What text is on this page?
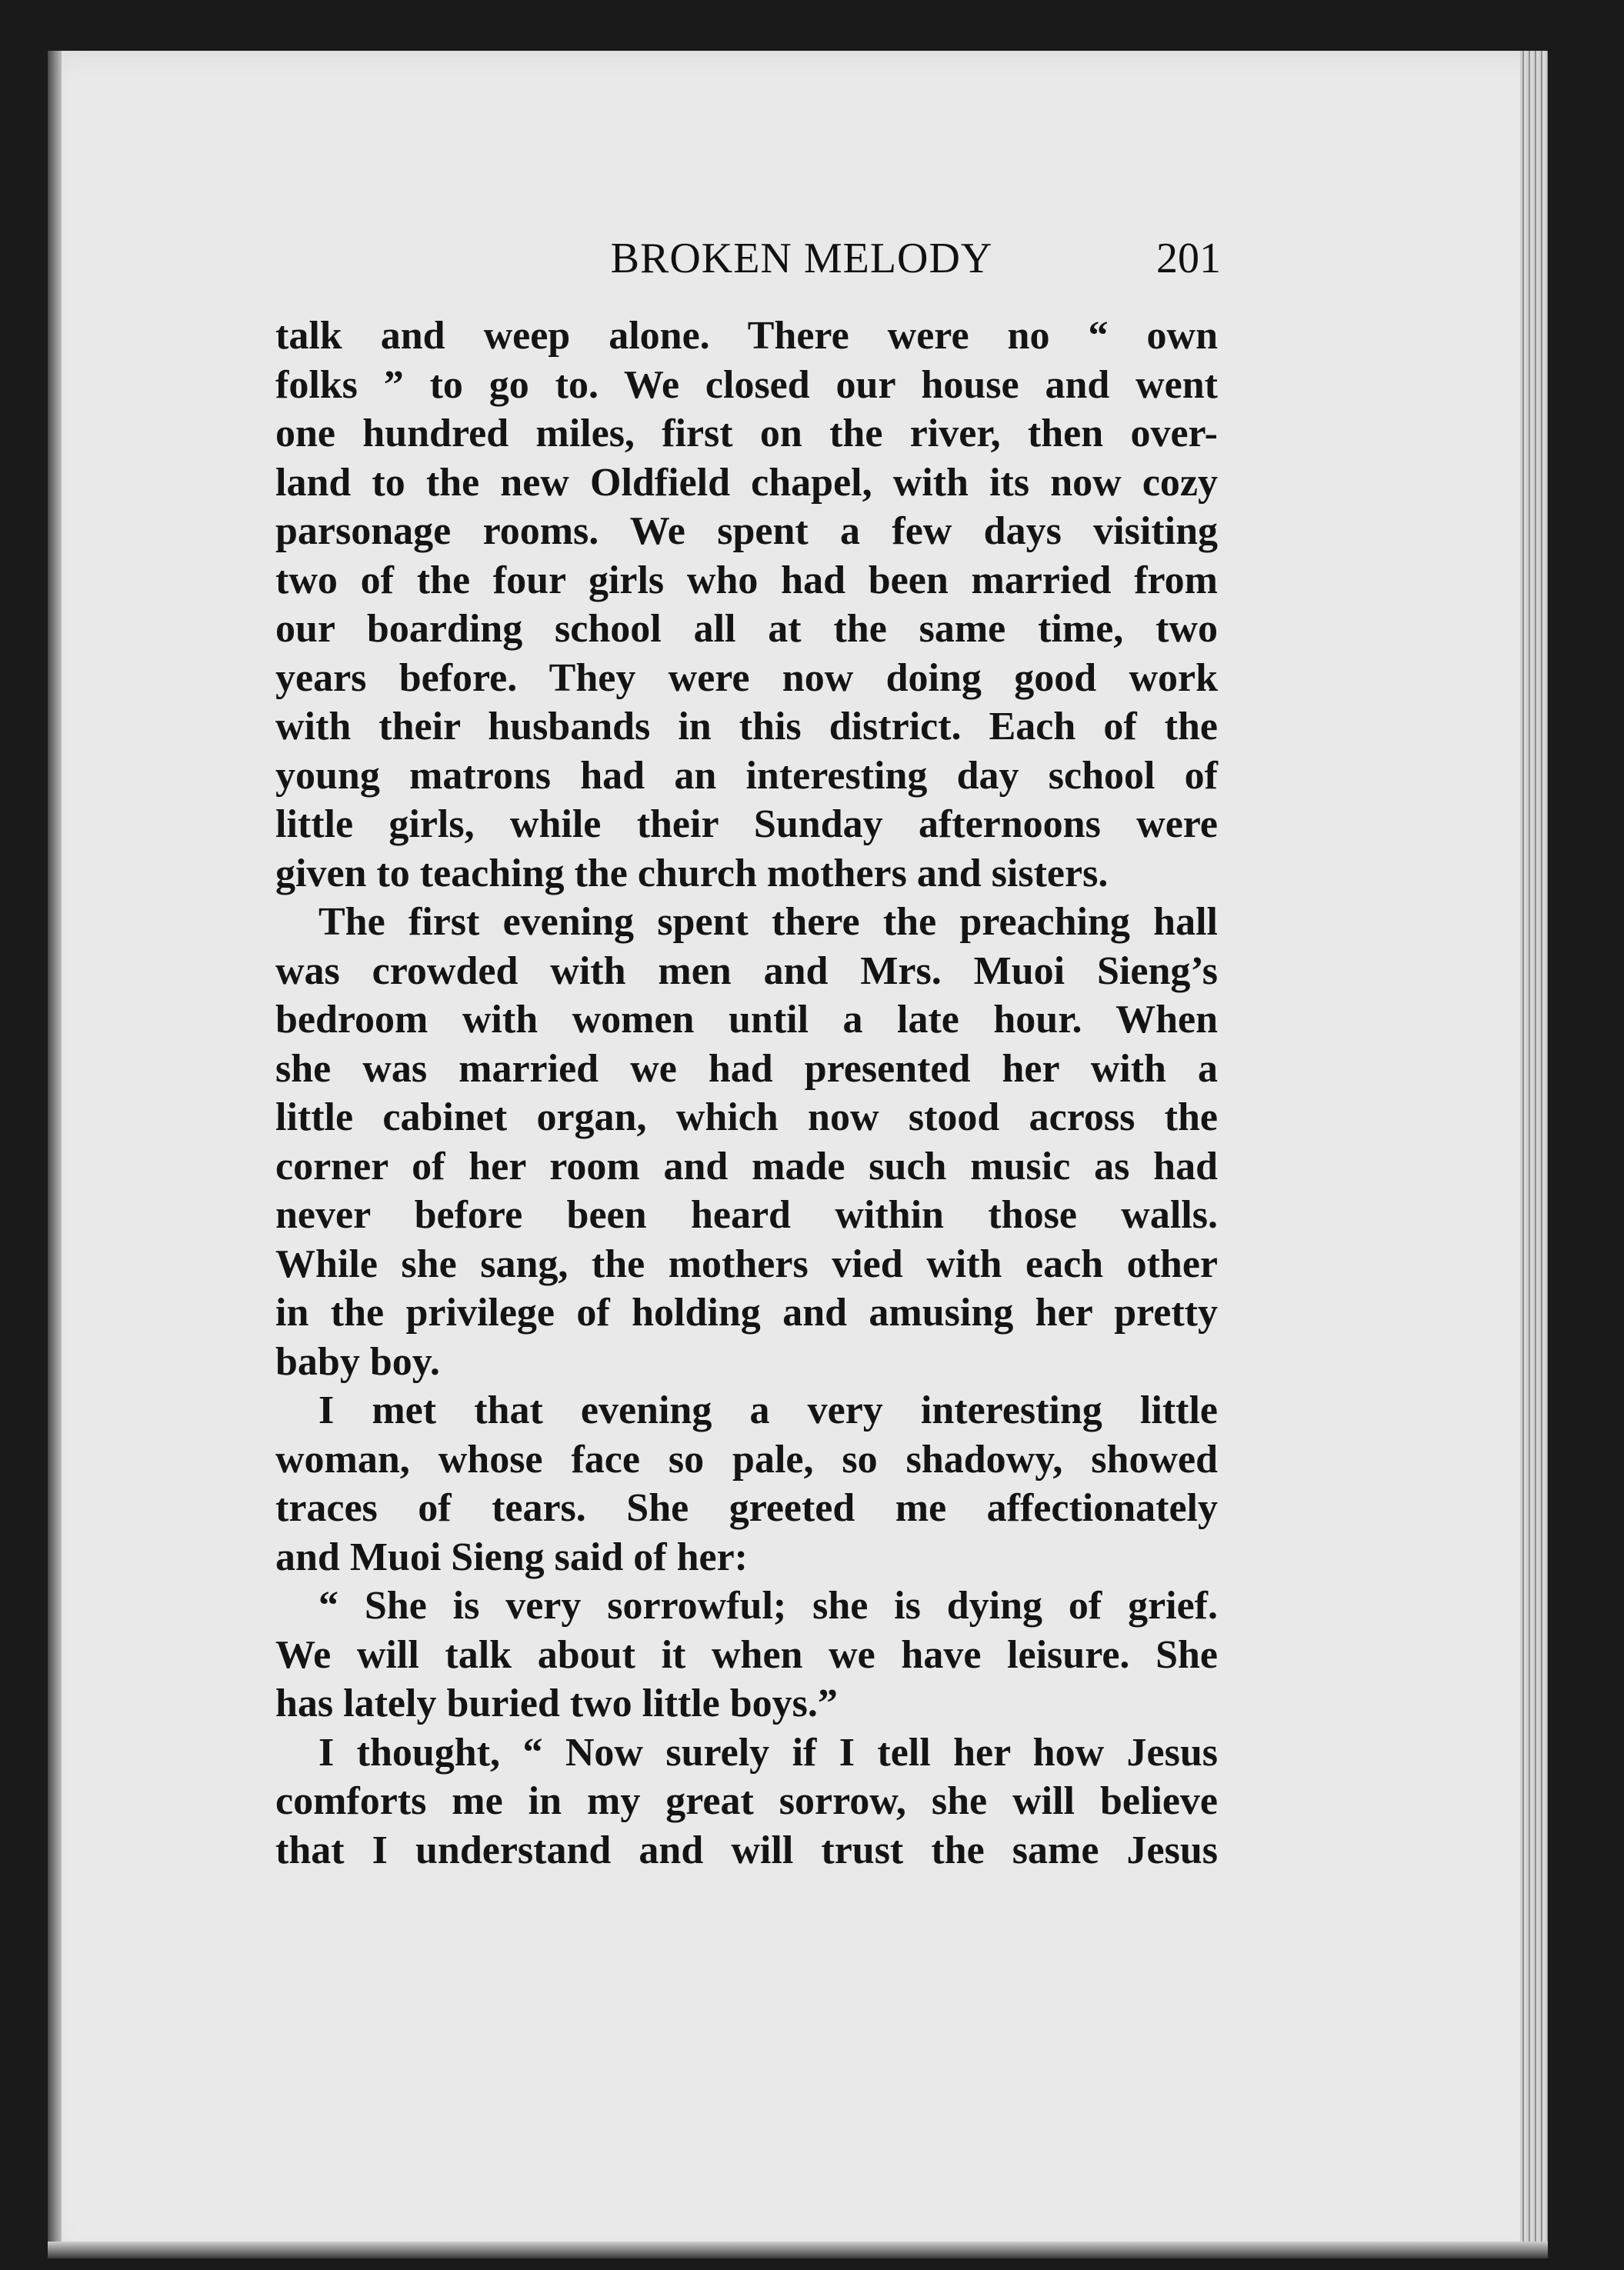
BROKEN MELODY	201
talk and weep alone. There were no “ own
folks ” to go to. We closed our house and went
one hundred miles, first on the river, then over-
land to the new Oldfield chapel, with its now cozy
parsonage rooms. We spent a few days visiting
two of the four girls who had been married from
our boarding school all at the same time, two
years before. They were now doing good work
with their husbands in this district. Each of the
young matrons had an interesting day school of
little girls, while their Sunday afternoons were
given to teaching the church mothers and sisters.
The first evening spent there the preaching hall
was crowded with men and Mrs. Muoi Sieng’s
bedroom with women until a late hour. When
she was married we had presented her with a
little cabinet organ, which now stood across the
corner of her room and made such music as had
never before been heard within those walls.
While she sang, the mothers vied with each other
in the privilege of holding and amusing her pretty
baby boy.
I met that evening a very interesting little
woman, whose face so pale, so shadowy, showed
traces of tears. She greeted me affectionately
and Muoi Sieng said of her:
“ She is very sorrowful; she is dying of grief.
We will talk about it when we have leisure. She
has lately buried two little boys.”
I thought, “ Now surely if I tell her how Jesus
comforts me in my great sorrow, she will believe
that I understand and will trust the same Jesus
